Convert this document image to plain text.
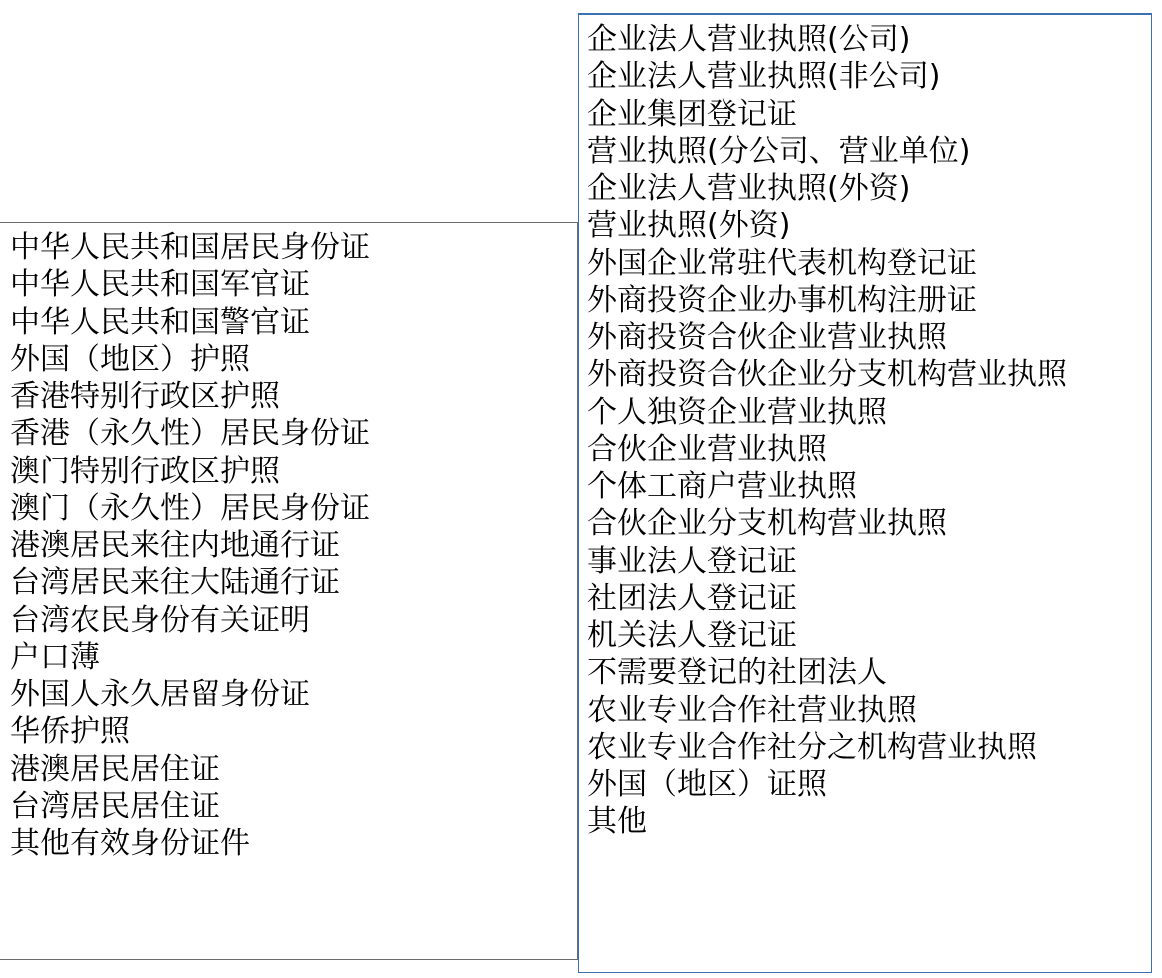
中华人民共和国居民身份证
中华人民共和国军官证
中华人民共和国警官证
外国（地区）护照
香港特别行政区护照
香港（永久性）居民身份证
澳门特别行政区护照
澳门（永久性）居民身份证
港澳居民来往内地通行证
台湾居民来往大陆通行证
台湾农民身份有关证明
户口薄
外国人永久居留身份证
华侨护照
港澳居民居住证
台湾居民居住证
其他有效身份证件
企业法人营业执照(公司)
企业法人营业执照(非公司)
企业集团登记证
营业执照(分公司、营业单位)
企业法人营业执照(外资)
营业执照(外资)
外国企业常驻代表机构登记证
外商投资企业办事机构注册证
外商投资合伙企业营业执照
外商投资合伙企业分支机构营业执照
个人独资企业营业执照
合伙企业营业执照
个体工商户营业执照
合伙企业分支机构营业执照
事业法人登记证
社团法人登记证
机关法人登记证
不需要登记的社团法人
农业专业合作社营业执照
农业专业合作社分之机构营业执照
外国（地区）证照
其他
